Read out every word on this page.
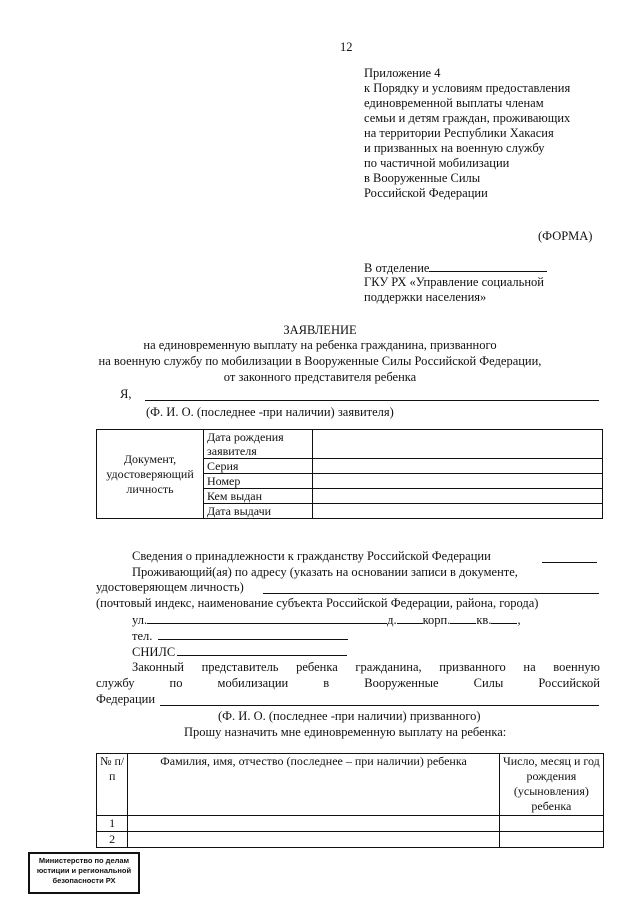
12
Приложение 4
к Порядку и условиям предоставления
единовременной выплаты членам
семьи и детям граждан, проживающих
на территории Республики Хакасия
и призванных на военную службу
по частичной мобилизации
в Вооруженные Силы
Российской Федерации
(ФОРМА)
В отделение
ГКУ РХ «Управление социальной
поддержки населения»
ЗАЯВЛЕНИЕ
на единовременную выплату на ребенка гражданина, призванного
на военную службу по мобилизации в Вооруженные Силы Российской Федерации,
от законного представителя ребенка
Я,
(Ф. И. О. (последнее -при наличии) заявителя)
Документ, удостоверяющий личность	Дата рождения заявителя	
	Серия	
	Номер	
	Кем выдан	
	Дата выдачи	
Сведения о принадлежности к гражданству Российской Федерации
Проживающий(ая) по адресу (указать на основании записи в документе,
удостоверяющем личность)
(почтовый индекс, наименование субъекта Российской Федерации, района, города)
ул.	д. корп. кв. ,
тел.
СНИЛС
Законный представитель ребенка гражданина, призванного на военную
службу	по	мобилизации	в	Вооруженные	Силы	Российской
Федерации
(Ф. И. О. (последнее -при наличии) призванного)
Прошу назначить мне единовременную выплату на ребенка:
№ п/п	Фамилия, имя, отчество (последнее – при наличии) ребенка	Число, месяц и год рождения (усыновления) ребенка
1		
2		
Министерство по делам
юстиции и региональной
безопасности РХ
